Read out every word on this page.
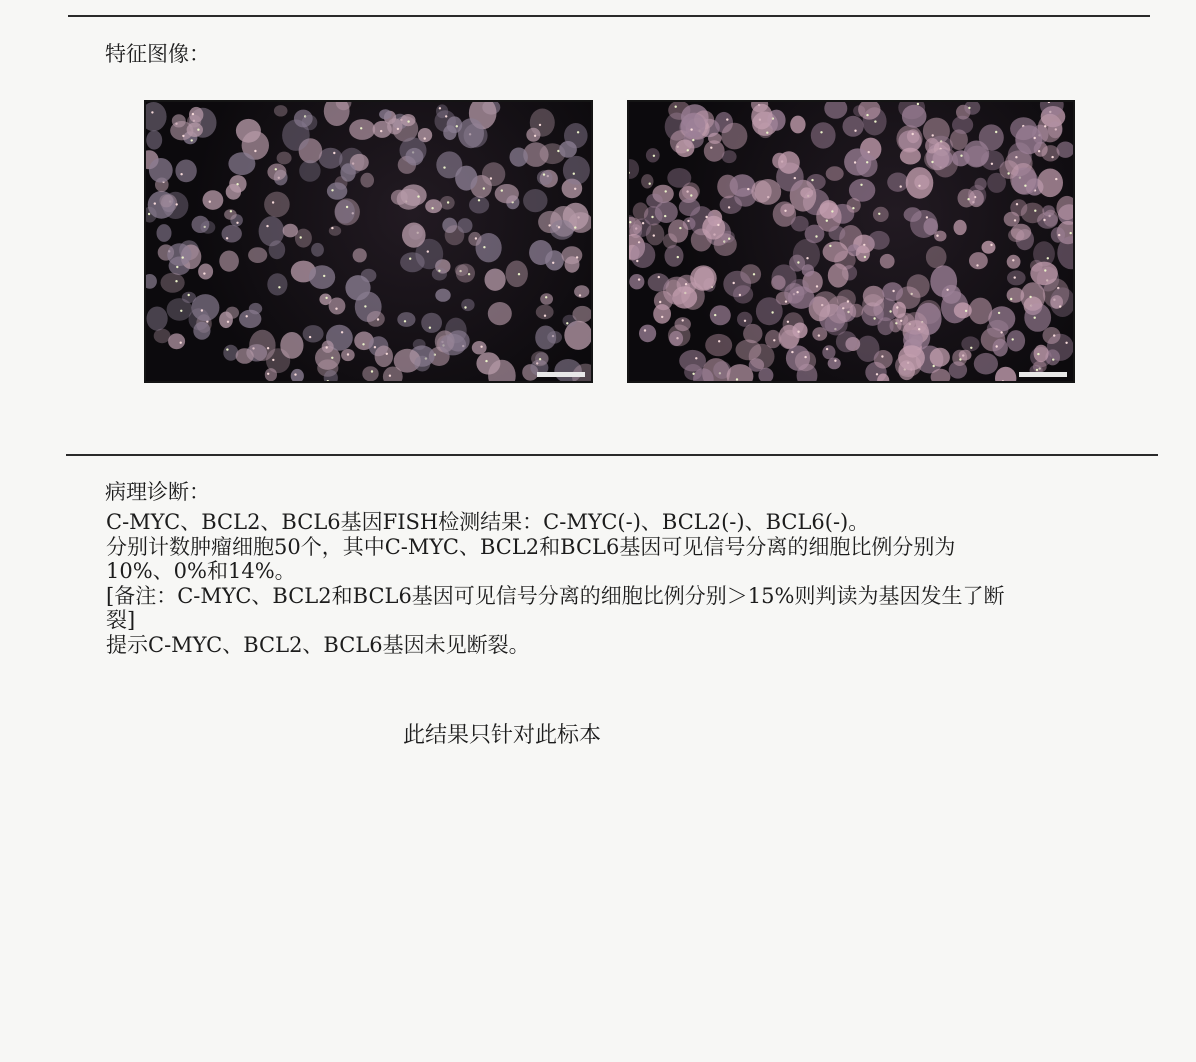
特征图像：
病理诊断：
C-MYC、BCL2、BCL6基因FISH检测结果：C-MYC(-)、BCL2(-)、BCL6(-)。
分别计数肿瘤细胞50个，其中C-MYC、BCL2和BCL6基因可见信号分离的细胞比例分别为
10%、0%和14%。
[备注：C-MYC、BCL2和BCL6基因可见信号分离的细胞比例分别＞15%则判读为基因发生了断
裂]
提示C-MYC、BCL2、BCL6基因未见断裂。
此结果只针对此标本
